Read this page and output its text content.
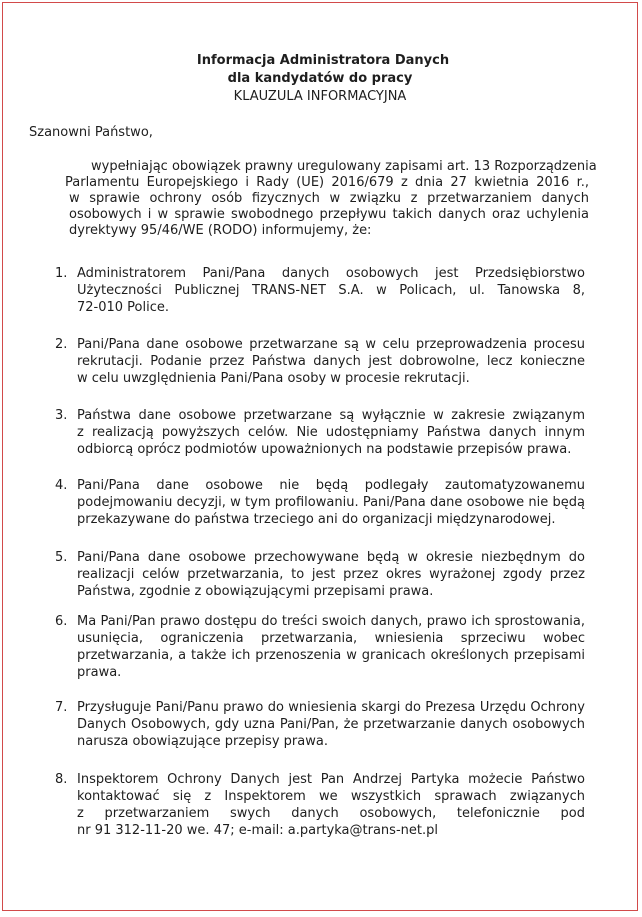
Informacja Administratora Danych
dla kandydatów do pracy
KLAUZULA INFORMACYJNA
Szanowni Państwo,
wypełniając obowiązek prawny uregulowany zapisami art. 13 Rozporządzenia
Parlamentu Europejskiego i Rady (UE) 2016/679 z dnia 27 kwietnia 2016 r.,
w sprawie ochrony osób fizycznych w związku z przetwarzaniem danych
osobowych i w sprawie swobodnego przepływu takich danych oraz uchylenia
dyrektywy 95/46/WE (RODO) informujemy, że:
1. Administratorem Pani/Pana danych osobowych jest Przedsiębiorstwo
Użyteczności Publicznej TRANS-NET S.A. w Policach, ul. Tanowska 8,
72-010 Police.
2. Pani/Pana dane osobowe przetwarzane są w celu przeprowadzenia procesu
rekrutacji. Podanie przez Państwa danych jest dobrowolne, lecz konieczne
w celu uwzględnienia Pani/Pana osoby w procesie rekrutacji.
3. Państwa dane osobowe przetwarzane są wyłącznie w zakresie związanym
z realizacją powyższych celów. Nie udostępniamy Państwa danych innym
odbiorcą oprócz podmiotów upoważnionych na podstawie przepisów prawa.
4. Pani/Pana dane osobowe nie będą podlegały zautomatyzowanemu
podejmowaniu decyzji, w tym profilowaniu. Pani/Pana dane osobowe nie będą
przekazywane do państwa trzeciego ani do organizacji międzynarodowej.
5. Pani/Pana dane osobowe przechowywane będą w okresie niezbędnym do
realizacji celów przetwarzania, to jest przez okres wyrażonej zgody przez
Państwa, zgodnie z obowiązującymi przepisami prawa.
6. Ma Pani/Pan prawo dostępu do treści swoich danych, prawo ich sprostowania,
usunięcia, ograniczenia przetwarzania, wniesienia sprzeciwu wobec
przetwarzania, a także ich przenoszenia w granicach określonych przepisami
prawa.
7. Przysługuje Pani/Panu prawo do wniesienia skargi do Prezesa Urzędu Ochrony
Danych Osobowych, gdy uzna Pani/Pan, że przetwarzanie danych osobowych
narusza obowiązujące przepisy prawa.
8. Inspektorem Ochrony Danych jest Pan Andrzej Partyka możecie Państwo
kontaktować się z Inspektorem we wszystkich sprawach związanych
z przetwarzaniem swych danych osobowych, telefonicznie pod
nr 91 312-11-20 we. 47; e-mail: a.partyka@trans-net.pl
